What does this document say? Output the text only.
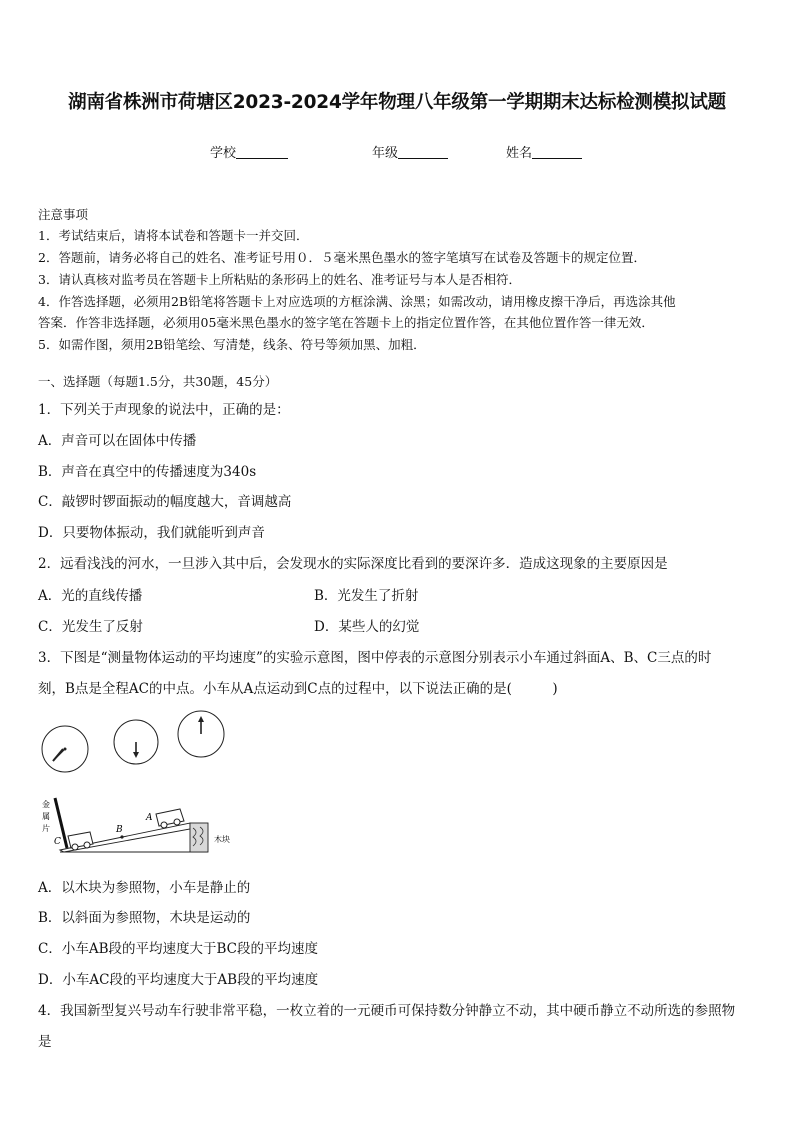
湖南省株洲市荷塘区2023-2024学年物理八年级第一学期期末达标检测模拟试题
学校	年级	姓名
注意事项
1．考试结束后，请将本试卷和答题卡一并交回．
2．答题前，请务必将自己的姓名、准考证号用０．５毫米黑色墨水的签字笔填写在试卷及答题卡的规定位置．
3．请认真核对监考员在答题卡上所粘贴的条形码上的姓名、准考证号与本人是否相符．
4．作答选择题，必须用2B铅笔将答题卡上对应选项的方框涂满、涂黑；如需改动，请用橡皮擦干净后，再选涂其他
答案．作答非选择题，必须用05毫米黑色墨水的签字笔在答题卡上的指定位置作答，在其他位置作答一律无效．
5．如需作图，须用2B铅笔绘、写清楚，线条、符号等须加黑、加粗．
一、选择题（每题1.5分，共30题，45分）
1．下列关于声现象的说法中，正确的是：
A．声音可以在固体中传播
B．声音在真空中的传播速度为340s
C．敲锣时锣面振动的幅度越大，音调越高
D．只要物体振动，我们就能听到声音
2．远看浅浅的河水，一旦涉入其中后，会发现水的实际深度比看到的要深许多．造成这现象的主要原因是
A．光的直线传播	B．光发生了折射
C．光发生了反射	D．某些人的幻觉
3．下图是“测量物体运动的平均速度”的实验示意图，图中停表的示意图分别表示小车通过斜面A、B、C三点的时
刻，B点是全程AC的中点。小车从A点运动到C点的过程中，以下说法正确的是(　　　)
金
属
片
木块
A
B
C
A．以木块为参照物，小车是静止的
B．以斜面为参照物，木块是运动的
C．小车AB段的平均速度大于BC段的平均速度
D．小车AC段的平均速度大于AB段的平均速度
4．我国新型复兴号动车行驶非常平稳，一枚立着的一元硬币可保持数分钟静立不动，其中硬币静立不动所选的参照物
是
